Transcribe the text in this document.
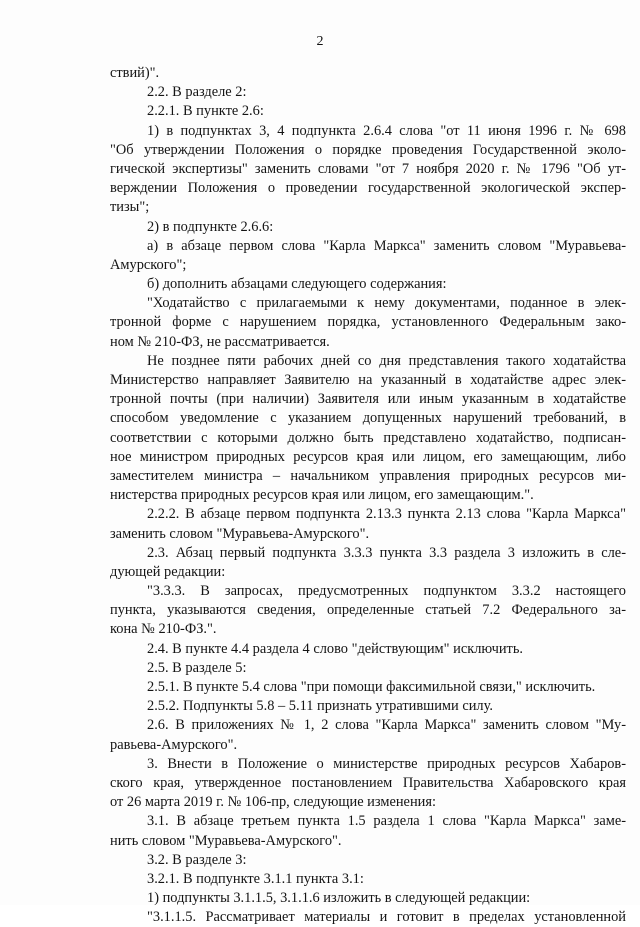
2
ствий)".
2.2. В разделе 2:
2.2.1. В пункте 2.6:
1) в подпунктах 3, 4 подпункта 2.6.4 слова "от 11 июня 1996 г. № 698
"Об утверждении Положения о порядке проведения Государственной эколо-
гической экспертизы" заменить словами "от 7 ноября 2020 г. № 1796 "Об ут-
верждении Положения о проведении государственной экологической экспер-
тизы";
2) в подпункте 2.6.6:
а) в абзаце первом слова "Карла Маркса" заменить словом "Муравьева-
Амурского";
б) дополнить абзацами следующего содержания:
"Ходатайство с прилагаемыми к нему документами, поданное в элек-
тронной форме с нарушением порядка, установленного Федеральным зако-
ном № 210-ФЗ, не рассматривается.
Не позднее пяти рабочих дней со дня представления такого ходатайства
Министерство направляет Заявителю на указанный в ходатайстве адрес элек-
тронной почты (при наличии) Заявителя или иным указанным в ходатайстве
способом уведомление с указанием допущенных нарушений требований, в
соответствии с которыми должно быть представлено ходатайство, подписан-
ное министром природных ресурсов края или лицом, его замещающим, либо
заместителем министра – начальником управления природных ресурсов ми-
нистерства природных ресурсов края или лицом, его замещающим.".
2.2.2. В абзаце первом подпункта 2.13.3 пункта 2.13 слова "Карла Маркса"
заменить словом "Муравьева-Амурского".
2.3. Абзац первый подпункта 3.3.3 пункта 3.3 раздела 3 изложить в сле-
дующей редакции:
"3.3.3. В запросах, предусмотренных подпунктом 3.3.2 настоящего
пункта, указываются сведения, определенные статьей 7.2 Федерального за-
кона № 210-ФЗ.".
2.4. В пункте 4.4 раздела 4 слово "действующим" исключить.
2.5. В разделе 5:
2.5.1. В пункте 5.4 слова "при помощи факсимильной связи," исключить.
2.5.2. Подпункты 5.8 – 5.11 признать утратившими силу.
2.6. В приложениях № 1, 2 слова "Карла Маркса" заменить словом "Му-
равьева-Амурского".
3. Внести в Положение о министерстве природных ресурсов Хабаров-
ского края, утвержденное постановлением Правительства Хабаровского края
от 26 марта 2019 г. № 106-пр, следующие изменения:
3.1. В абзаце третьем пункта 1.5 раздела 1 слова "Карла Маркса" заме-
нить словом "Муравьева-Амурского".
3.2. В разделе 3:
3.2.1. В подпункте 3.1.1 пункта 3.1:
1) подпункты 3.1.1.5, 3.1.1.6 изложить в следующей редакции:
"3.1.1.5. Рассматривает материалы и готовит в пределах установленной
